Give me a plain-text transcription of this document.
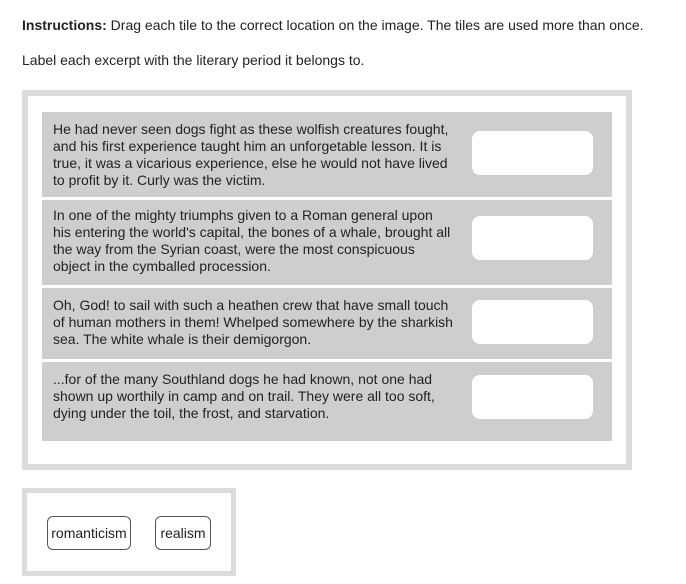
Instructions: Drag each tile to the correct location on the image. The tiles are used more than once.
Label each excerpt with the literary period it belongs to.
He had never seen dogs fight as these wolfish creatures fought, and his first experience taught him an unforgetable lesson. It is true, it was a vicarious experience, else he would not have lived to profit by it. Curly was the victim.
In one of the mighty triumphs given to a Roman general upon his entering the world's capital, the bones of a whale, brought all the way from the Syrian coast, were the most conspicuous object in the cymballed procession.
Oh, God! to sail with such a heathen crew that have small touch of human mothers in them! Whelped somewhere by the sharkish sea. The white whale is their demigorgon.
...for of the many Southland dogs he had known, not one had shown up worthily in camp and on trail. They were all too soft, dying under the toil, the frost, and starvation.
romanticism	realism
